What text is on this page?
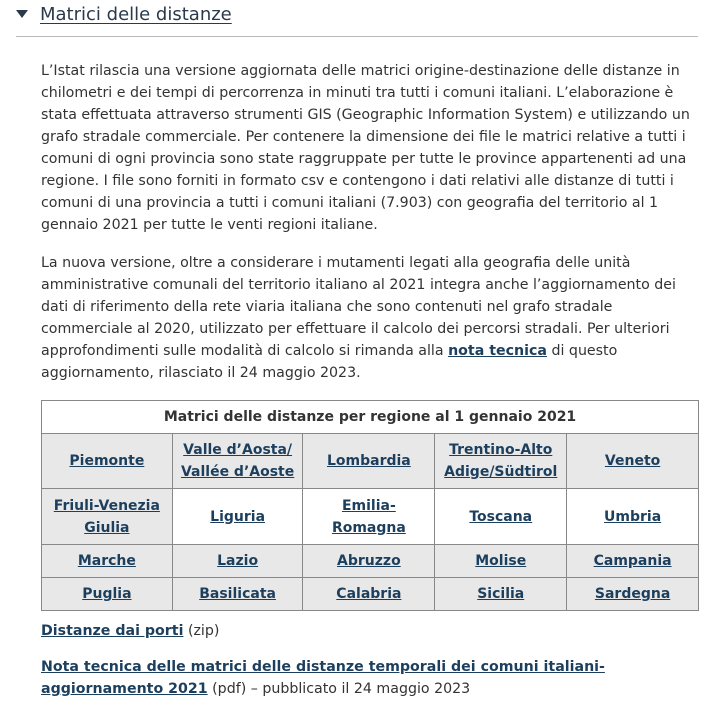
Matrici delle distanze

L’Istat rilascia una versione aggiornata delle matrici origine-destinazione delle distanze in chilometri e dei tempi di percorrenza in minuti tra tutti i comuni italiani. L’elaborazione è stata effettuata attraverso strumenti GIS (Geographic Information System) e utilizzando un grafo stradale commerciale. Per contenere la dimensione dei file le matrici relative a tutti i comuni di ogni provincia sono state raggruppate per tutte le province appartenenti ad una regione. I file sono forniti in formato csv e contengono i dati relativi alle distanze di tutti i comuni di una provincia a tutti i comuni italiani (7.903) con geografia del territorio al 1 gennaio 2021 per tutte le venti regioni italiane.

La nuova versione, oltre a considerare i mutamenti legati alla geografia delle unità amministrative comunali del territorio italiano al 2021 integra anche l’aggiornamento dei dati di riferimento della rete viaria italiana che sono contenuti nel grafo stradale commerciale al 2020, utilizzato per effettuare il calcolo dei percorsi stradali. Per ulteriori approfondimenti sulle modalità di calcolo si rimanda alla nota tecnica di questo aggiornamento, rilasciato il 24 maggio 2023.

Matrici delle distanze per regione al 1 gennaio 2021				
Piemonte	Valle d’Aosta/ Vallée d’Aoste	Lombardia	Trentino-Alto Adige/Südtirol	Veneto
Friuli-Venezia Giulia	Liguria	Emilia-Romagna	Toscana	Umbria
Marche	Lazio	Abruzzo	Molise	Campania
Puglia	Basilicata	Calabria	Sicilia	Sardegna

Distanze dai porti (zip)

Nota tecnica delle matrici delle distanze temporali dei comuni italiani- aggiornamento 2021 (pdf) – pubblicato il 24 maggio 2023
